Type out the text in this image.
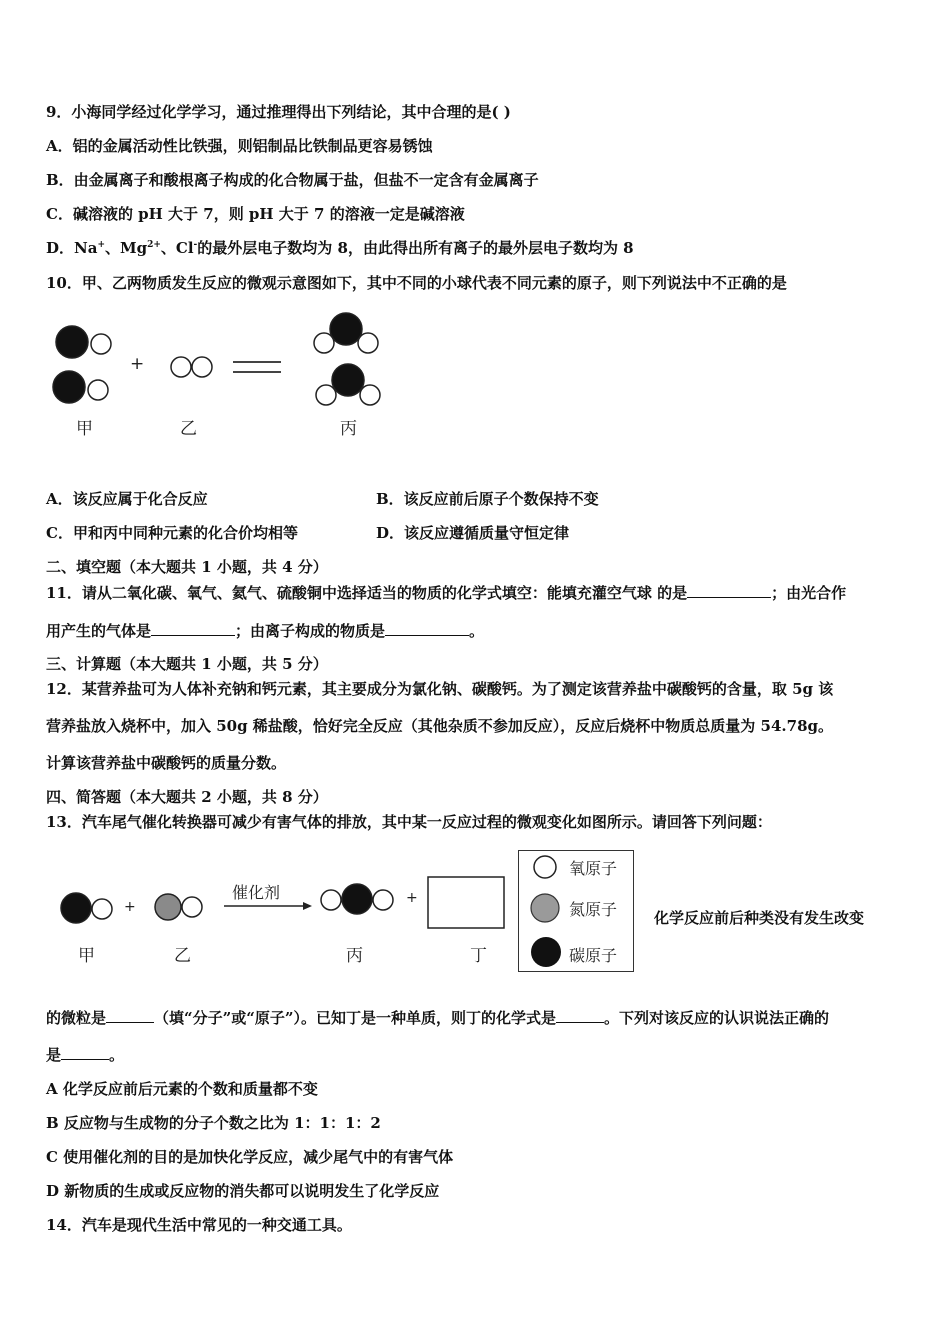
9．小海同学经过化学学习，通过推理得出下列结论，其中合理的是( )
A．铝的金属活动性比铁强，则铝制品比铁制品更容易锈蚀
B．由金属离子和酸根离子构成的化合物属于盐，但盐不一定含有金属离子
C．碱溶液的 pH 大于 7，则 pH 大于 7 的溶液一定是碱溶液
D．Na+、$Mg^{2+}$、Cl-的最外层电子数均为 8，由此得出所有离子的最外层电子数均为 8
10．甲、乙两物质发生反应的微观示意图如下，其中不同的小球代表不同元素的原子，则下列说法中不正确的是
+
甲	乙	丙
A．该反应属于化合反应	B．该反应前后原子个数保持不变
C．甲和丙中同种元素的化合价均相等	D．该反应遵循质量守恒定律
二、填空题（本大题共 1 小题，共 4 分）
11．请从二氧化碳、氧气、氦气、硫酸铜中选择适当的物质的化学式填空：能填充灌空气球 的是	；由光合作
用产生的气体是	；由离子构成的物质是	。
三、计算题（本大题共 1 小题，共 5 分）
12．某营养盐可为人体补充钠和钙元素，其主要成分为氯化钠、碳酸钙。为了测定该营养盐中碳酸钙的含量，取 5g 该
营养盐放入烧杯中，加入 50g 稀盐酸，恰好完全反应（其他杂质不参加反应），反应后烧杯中物质总质量为 54.78g。
计算该营养盐中碳酸钙的质量分数。
四、简答题（本大题共 2 小题，共 8 分）
13．汽车尾气催化转换器可减少有害气体的排放，其中某一反应过程的微观变化如图所示。请回答下列问题：
+
+
催化剂
甲	乙	丙	丁
氧原子
氮原子
碳原子
化学反应前后种类没有发生改变
的微粒是	（填“分子”或“原子”）。已知丁是一种单质，则丁的化学式是	。下列对该反应的认识说法正确的
是	。
A 化学反应前后元素的个数和质量都不变
B 反应物与生成物的分子个数之比为 1：1：1：2
C 使用催化剂的目的是加快化学反应，减少尾气中的有害气体
D 新物质的生成或反应物的消失都可以说明发生了化学反应
14．汽车是现代生活中常见的一种交通工具。
